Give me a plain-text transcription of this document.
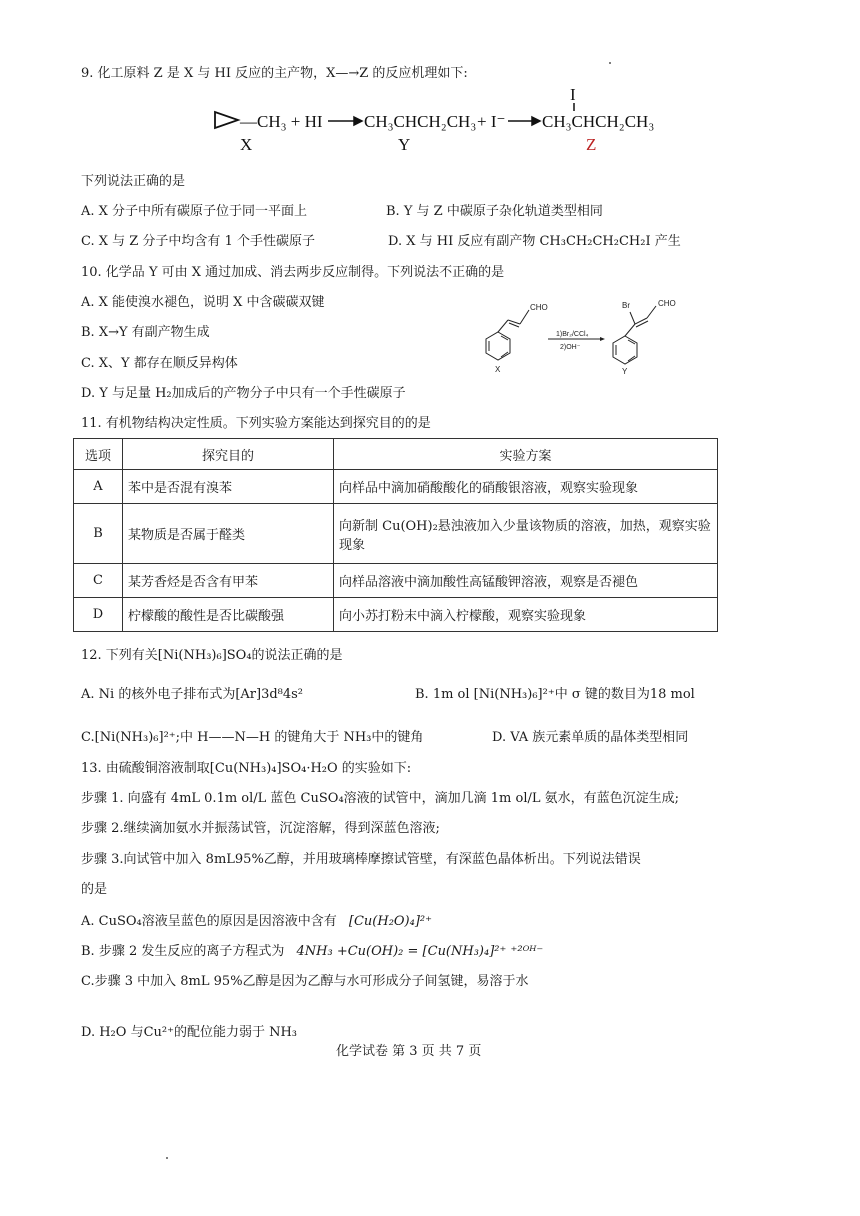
9. 化工原料 Z 是 X 与 HI 反应的主产物，X—→Z 的反应机理如下:
—CH₃ + HI
X
CH₃CHCH₂CH₃
Y
+ I⁻
I
CH₃CHCH₂CH₃
Z
下列说法正确的是
A. X 分子中所有碳原子位于同一平面上	B. Y 与 Z 中碳原子杂化轨道类型相同
C. X 与 Z 分子中均含有 1 个手性碳原子	D. X 与 HI 反应有副产物 CH₃CH₂CH₂CH₂I 产生
10. 化学品 Y 可由 X 通过加成、消去两步反应制得。下列说法不正确的是
A. X 能使溴水褪色，说明 X 中含碳碳双键
B. X→Y 有副产物生成
C. X、Y 都存在顺反异构体
D. Y 与足量 H₂加成后的产物分子中只有一个手性碳原子
CHO
X
1)Br₂/CCl₄
2)OH⁻
Br	CHO
Y
11. 有机物结构决定性质。下列实验方案能达到探究目的的是
选项	探究目的	实验方案
A	苯中是否混有溴苯	向样品中滴加硝酸酸化的硝酸银溶液，观察实验现象
B	某物质是否属于醛类	向新制 Cu(OH)₂悬浊液加入少量该物质的溶液，加热，观察实验现象
C	某芳香烃是否含有甲苯	向样品溶液中滴加酸性高锰酸钾溶液，观察是否褪色
D	柠檬酸的酸性是否比碳酸强	向小苏打粉末中滴入柠檬酸，观察实验现象
12. 下列有关[Ni(NH₃)₆]SO₄的说法正确的是
A. Ni 的核外电子排布式为[Ar]3d⁸4s²	B. 1m ol [Ni(NH₃)₆]²⁺中 σ 键的数目为18 mol
C.[Ni(NH₃)₆]²⁺;中 H——N—H 的键角大于 NH₃中的键角	D. VA 族元素单质的晶体类型相同
13. 由硫酸铜溶液制取[Cu(NH₃)₄]SO₄·H₂O 的实验如下:
步骤 1. 向盛有 4mL 0.1m ol/L 蓝色 CuSO₄溶液的试管中，滴加几滴 1m ol/L 氨水，有蓝色沉淀生成;
步骤 2.继续滴加氨水并振荡试管，沉淀溶解，得到深蓝色溶液;
步骤 3.向试管中加入 8mL95%乙醇，并用玻璃棒摩擦试管壁，有深蓝色晶体析出。下列说法错误
的是
A. CuSO₄溶液呈蓝色的原因是因溶液中含有 [Cu(H₂O)₄]²⁺
B. 步骤 2 发生反应的离子方程式为 4NH₃ +Cu(OH)₂ = [Cu(NH₃)₄]²⁺ ⁺²ᴼᴴ⁻
C.步骤 3 中加入 8mL 95%乙醇是因为乙醇与水可形成分子间氢键，易溶于水
D. H₂O 与Cu²⁺的配位能力弱于 NH₃
化学试卷 第 3 页 共 7 页
